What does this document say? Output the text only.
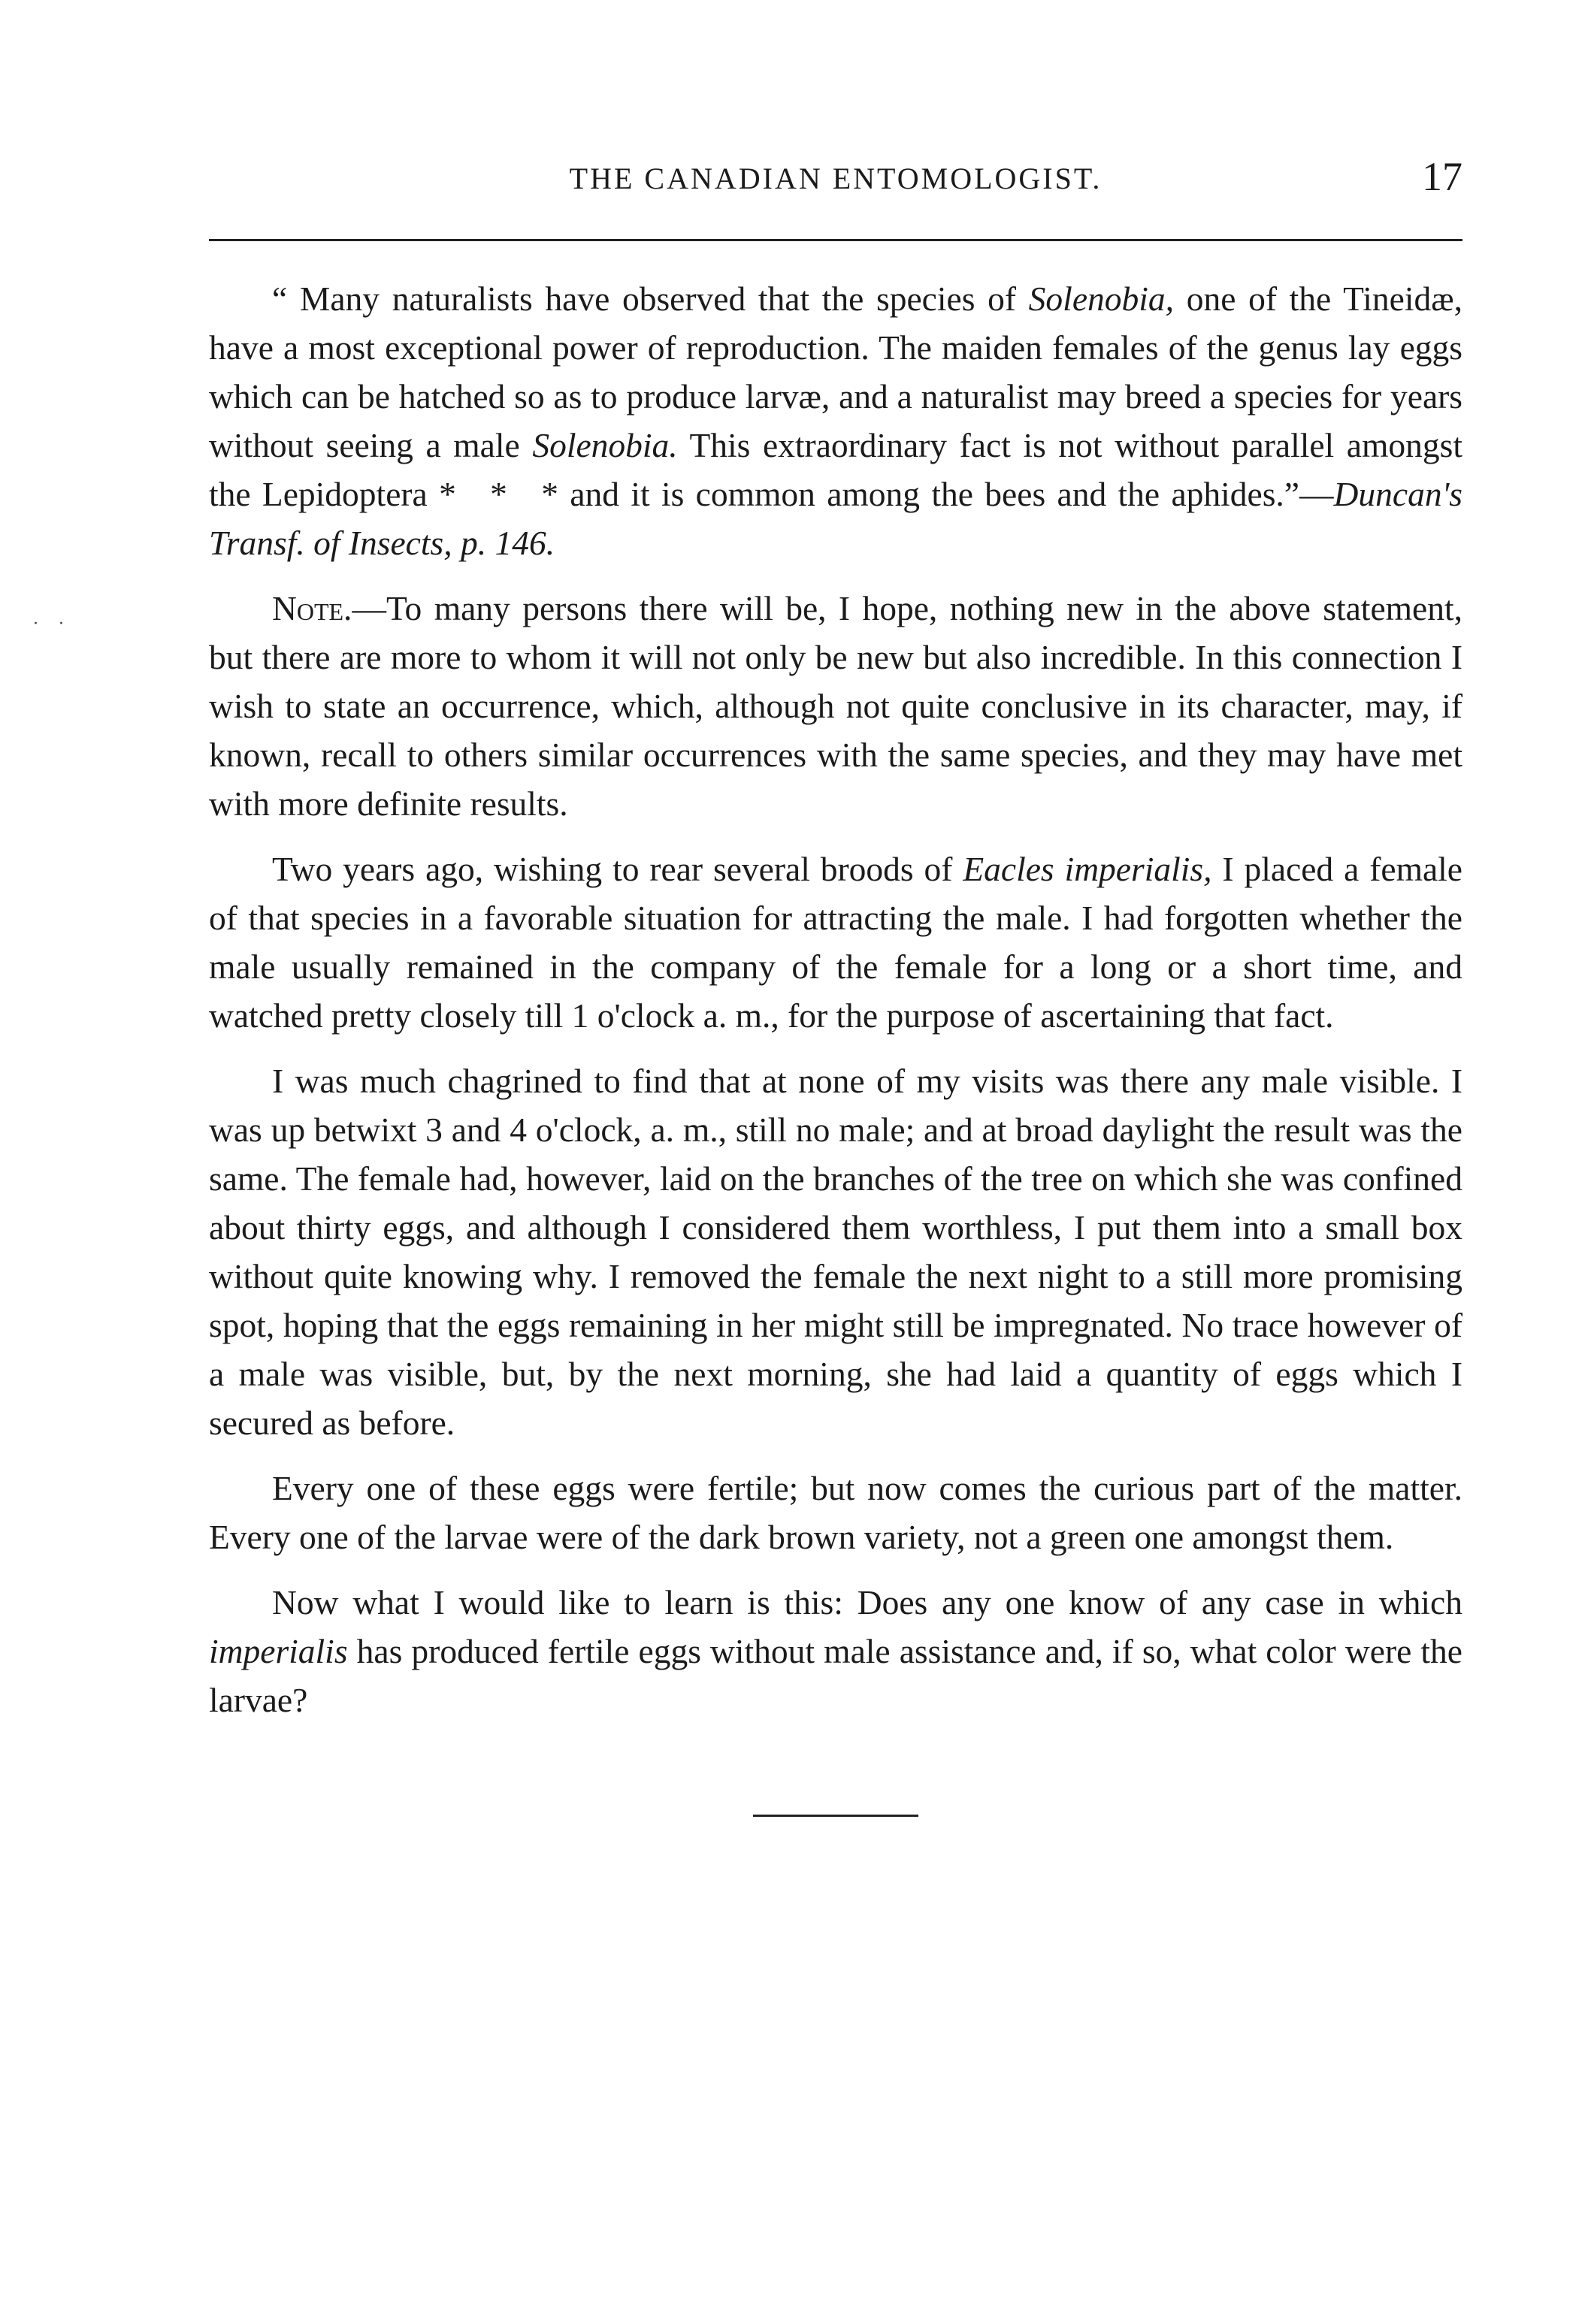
· ·
THE CANADIAN ENTOMOLOGIST.	17

“ Many naturalists have observed that the species of Solenobia, one of the Tineidæ, have a most exceptional power of reproduction. The maiden females of the genus lay eggs which can be hatched so as to produce larvæ, and a naturalist may breed a species for years without seeing a male Solenobia. This extraordinary fact is not without parallel amongst the Lepidoptera * * * and it is common among the bees and the aphides.”—Duncan's Transf. of Insects, p. 146.

Note.—To many persons there will be, I hope, nothing new in the above statement, but there are more to whom it will not only be new but also incredible. In this connection I wish to state an occurrence, which, although not quite conclusive in its character, may, if known, recall to others similar occurrences with the same species, and they may have met with more definite results.

Two years ago, wishing to rear several broods of Eacles imperialis, I placed a female of that species in a favorable situation for attracting the male. I had forgotten whether the male usually remained in the company of the female for a long or a short time, and watched pretty closely till 1 o'clock a. m., for the purpose of ascertaining that fact.

I was much chagrined to find that at none of my visits was there any male visible. I was up betwixt 3 and 4 o'clock, a. m., still no male; and at broad daylight the result was the same. The female had, however, laid on the branches of the tree on which she was confined about thirty eggs, and although I considered them worthless, I put them into a small box without quite knowing why. I removed the female the next night to a still more promising spot, hoping that the eggs remaining in her might still be impregnated. No trace however of a male was visible, but, by the next morning, she had laid a quantity of eggs which I secured as before.

Every one of these eggs were fertile; but now comes the curious part of the matter. Every one of the larvae were of the dark brown variety, not a green one amongst them.

Now what I would like to learn is this: Does any one know of any case in which imperialis has produced fertile eggs without male assistance and, if so, what color were the larvae?
